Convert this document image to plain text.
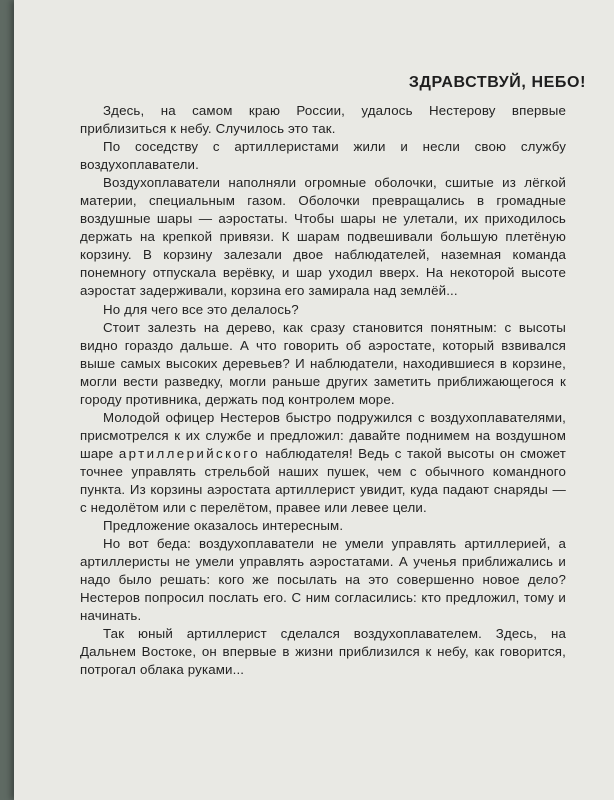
ЗДРАВСТВУЙ, НЕБО!

Здесь, на самом краю России, удалось Нестерову впервые приблизиться к небу. Случилось это так.

По соседству с артиллеристами жили и несли свою службу воздухоплаватели.

Воздухоплаватели наполняли огромные оболочки, сшитые из лёгкой материи, специальным газом. Оболочки превращались в громадные воздушные шары — аэростаты. Чтобы шары не улетали, их приходилось держать на крепкой привязи. К шарам подвешивали большую плетёную корзину. В корзину залезали двое наблюдателей, наземная команда понемногу отпускала верёвку, и шар уходил вверх. На некоторой высоте аэростат задерживали, корзина его замирала над землёй...

Но для чего все это делалось?

Стоит залезть на дерево, как сразу становится понятным: с высоты видно гораздо дальше. А что говорить об аэростате, который взвивался выше самых высоких деревьев? И наблюдатели, находившиеся в корзине, могли вести разведку, могли раньше других заметить приближающегося к городу противника, держать под контролем море.

Молодой офицер Нестеров быстро подружился с воздухоплавателями, присмотрелся к их службе и предложил: давайте поднимем на воздушном шаре артиллерийского наблюдателя! Ведь с такой высоты он сможет точнее управлять стрельбой наших пушек, чем с обычного командного пункта. Из корзины аэростата артиллерист увидит, куда падают снаряды — с недолётом или с перелётом, правее или левее цели.

Предложение оказалось интересным.

Но вот беда: воздухоплаватели не умели управлять артиллерией, а артиллеристы не умели управлять аэростатами. А ученья приближались и надо было решать: кого же посылать на это совершенно новое дело? Нестеров попросил послать его. С ним согласились: кто предложил, тому и начинать.

Так юный артиллерист сделался воздухоплавателем. Здесь, на Дальнем Востоке, он впервые в жизни приблизился к небу, как говорится, потрогал облака руками...
